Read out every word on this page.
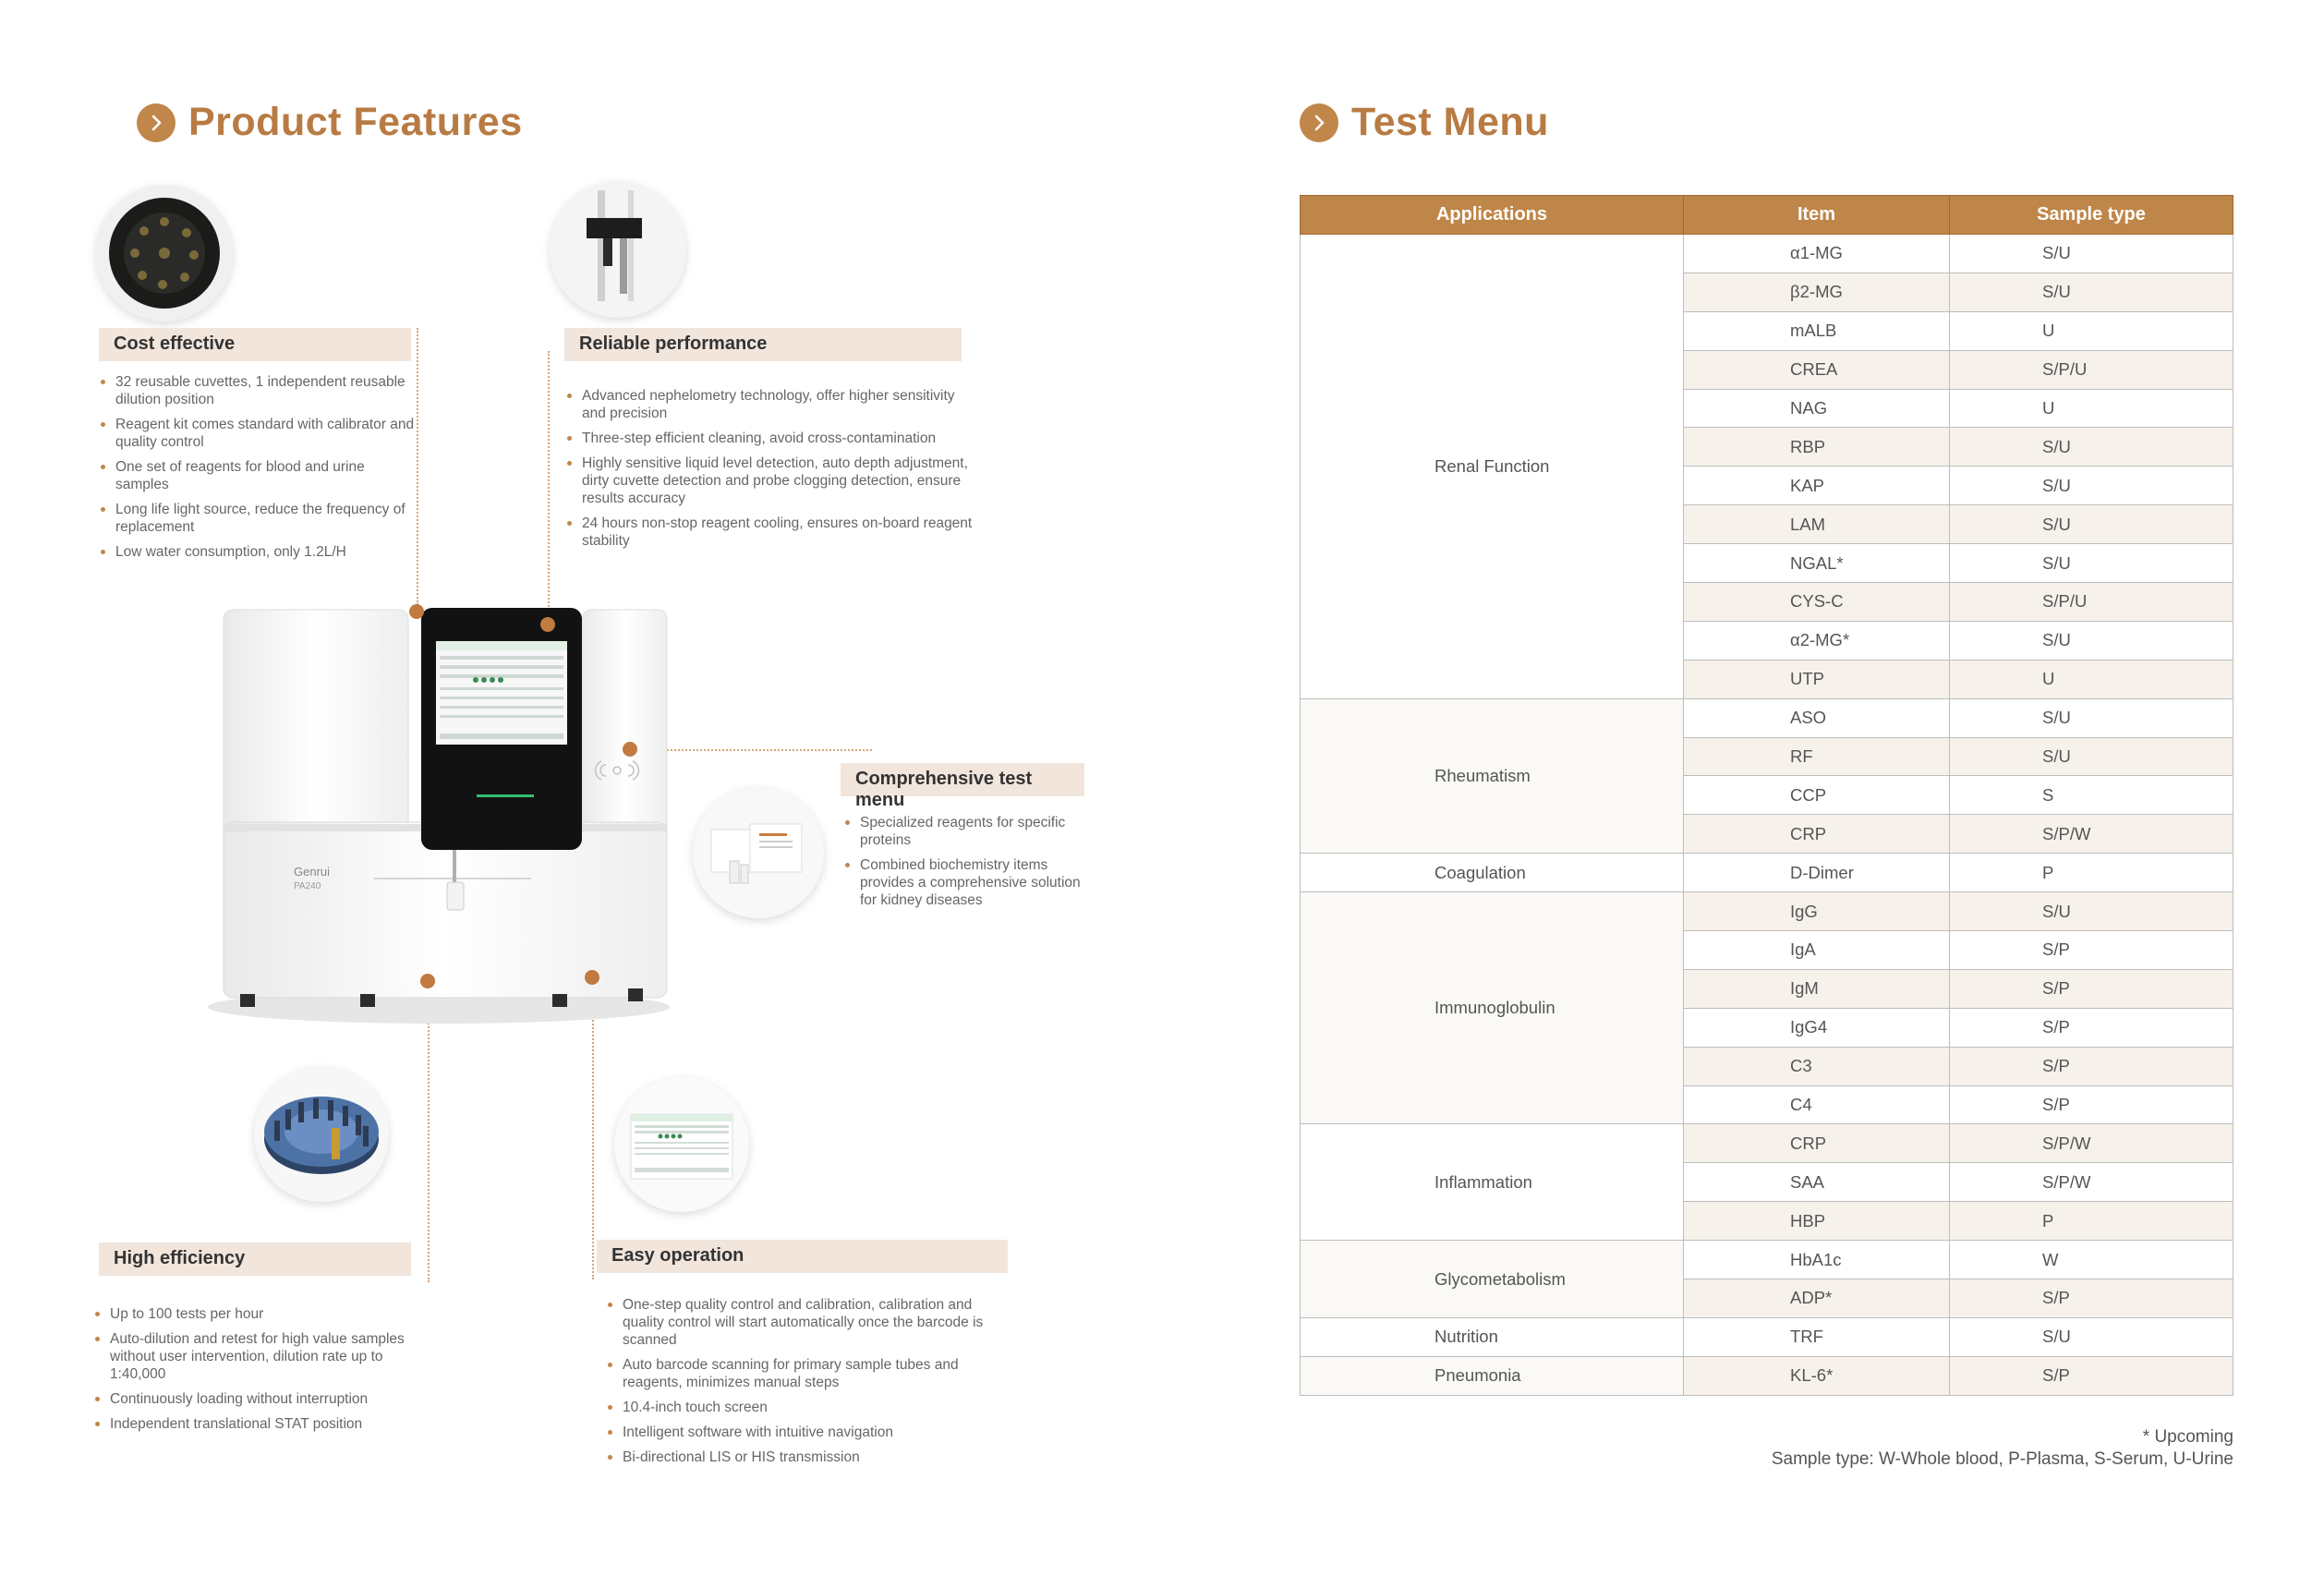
Product Features
Cost effective
32 reusable cuvettes, 1 independent reusable dilution position
Reagent kit comes standard with calibrator and quality control
One set of reagents for blood and urine samples
Long life light source, reduce the frequency of replacement
Low water consumption, only 1.2L/H
Reliable performance
Advanced nephelometry technology, offer higher sensitivity and precision
Three-step efficient cleaning, avoid cross-contamination
Highly sensitive liquid level detection, auto depth adjustment, dirty cuvette detection and probe clogging detection, ensure results accuracy
24 hours non-stop reagent cooling, ensures on-board reagent stability
Genrui
PA240
Comprehensive test menu
Specialized reagents for specific proteins
Combined biochemistry items provides a comprehensive solution for kidney diseases
High efficiency
Up to 100 tests per hour
Auto-dilution and retest for high value samples without user intervention, dilution rate up to 1:40,000
Continuously loading without interruption
Independent translational STAT position
Easy operation
One-step quality control and calibration, calibration and quality control will start automatically once the barcode is scanned
Auto barcode scanning for primary sample tubes and reagents, minimizes manual steps
10.4-inch touch screen
Intelligent software with intuitive navigation
Bi-directional LIS or HIS transmission
Test Menu
Applications	Item	Sample type
Renal Function	α1-MG	S/U
	β2-MG	S/U
	mALB	U
	CREA	S/P/U
	NAG	U
	RBP	S/U
	KAP	S/U
	LAM	S/U
	NGAL*	S/U
	CYS-C	S/P/U
	α2-MG*	S/U
	UTP	U
Rheumatism	ASO	S/U
	RF	S/U
	CCP	S
	CRP	S/P/W
Coagulation	D-Dimer	P
Immunoglobulin	IgG	S/U
	IgA	S/P
	IgM	S/P
	IgG4	S/P
	C3	S/P
	C4	S/P
Inflammation	CRP	S/P/W
	SAA	S/P/W
	HBP	P
Glycometabolism	HbA1c	W
	ADP*	S/P
Nutrition	TRF	S/U
Pneumonia	KL-6*	S/P
* Upcoming
Sample type: W-Whole blood, P-Plasma, S-Serum, U-Urine
